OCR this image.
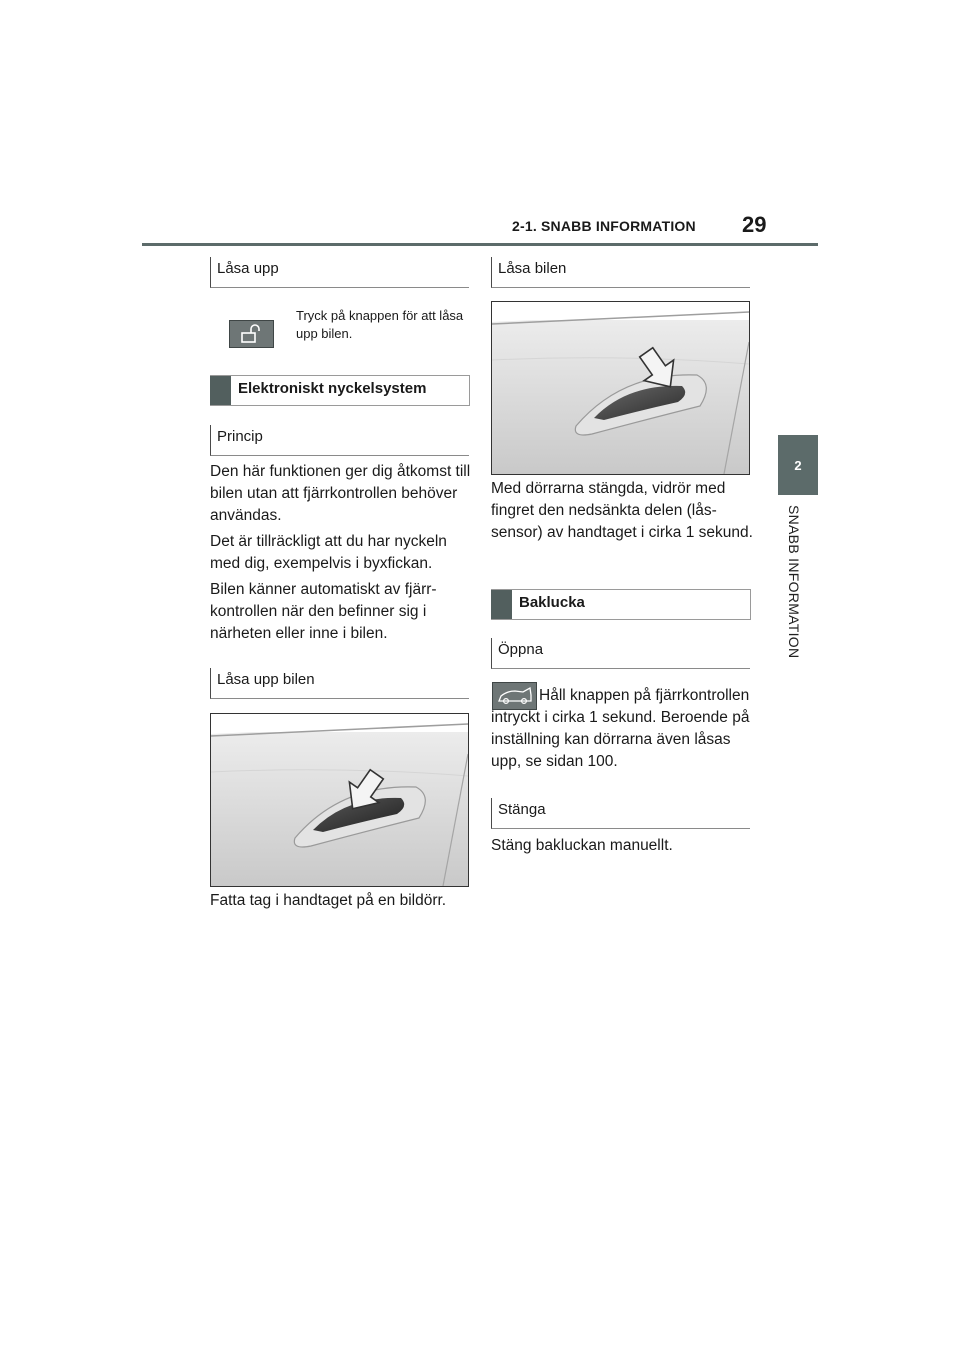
2-1. SNABB INFORMATION 29
2
SNABB INFORMATION
Låsa upp
Tryck på knappen för att låsa upp bilen.
Elektroniskt nyckelsystem
Princip

Den här funktionen ger dig åtkomst till bilen utan att fjärrkontrollen behöver användas.

Det är tillräckligt att du har nyckeln med dig, exempelvis i byxfickan.

Bilen känner automatiskt av fjärrkontrollen när den befinner sig i närheten eller inne i bilen.

Låsa upp bilen

Fatta tag i handtaget på en bildörr.

Låsa bilen

Med dörrarna stängda, vidrör med fingret den nedsänkta delen (låssensor) av handtaget i cirka 1 sekund.

Baklucka
Öppna

Håll knappen på fjärrkontrollen intryckt i cirka 1 sekund. Beroende på inställning kan dörrarna även låsas upp, se sidan 100.

Stänga

Stäng bakluckan manuellt.
